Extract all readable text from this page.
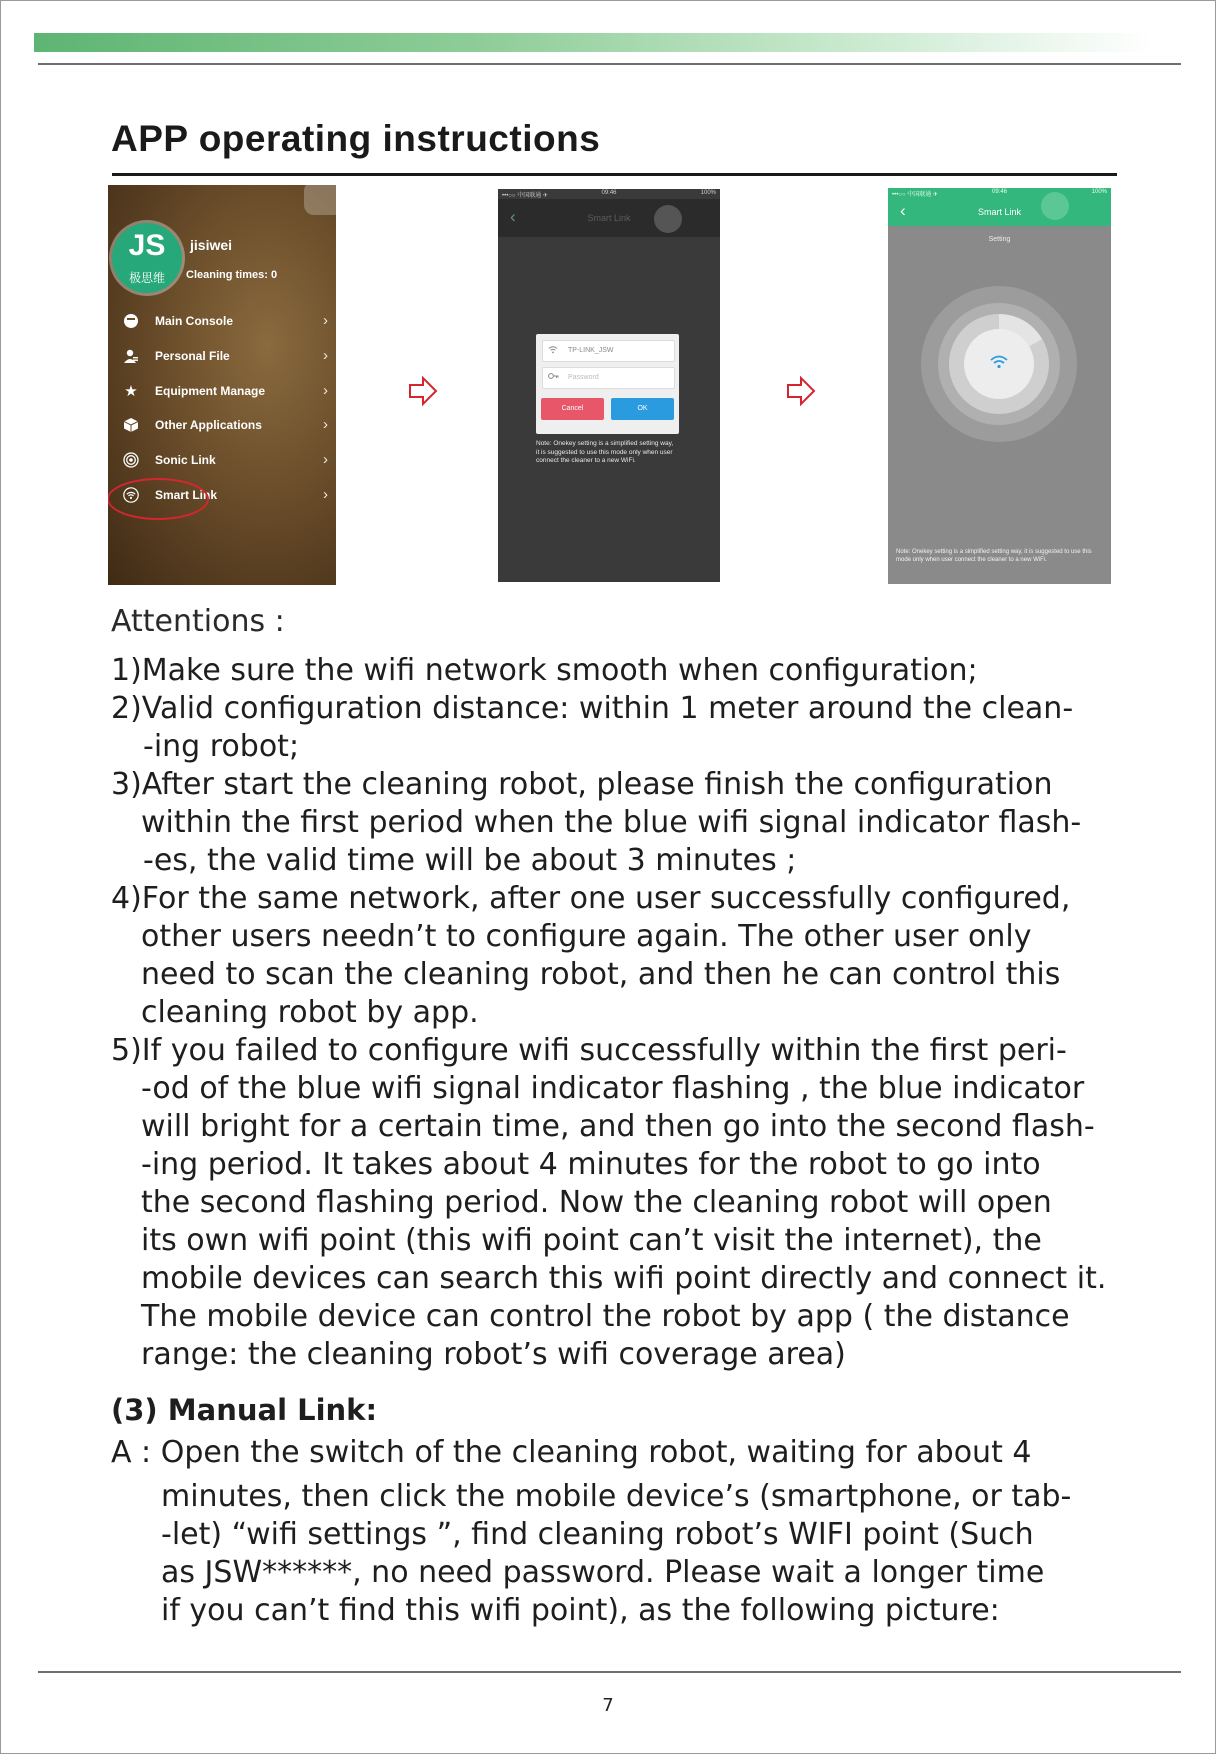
APP operating instructions
JS
极思维
jisiwei
Cleaning times: 0
Main Console	›
Personal File	›
★ Equipment Manage	›
Other Applications	›
Sonic Link	›
Smart Link	›
•••○○ 中国联通 ✈	09:46	100%
‹	Smart Link
TP-LINK_JSW
Password
Cancel	OK
Note: Onekey setting is a simplified setting way, it is suggested to use this mode only when user connect the cleaner to a new WiFi.
•••○○ 中国联通 ✈	09:46	100%
‹	Smart Link
Setting
Note: Onekey setting is a simplified setting way, it is suggested to use this mode only when user connect the cleaner to a new WiFi.
Attentions :
1)Make sure the wifi network smooth when configuration;
2)Valid configuration distance: within 1 meter around the clean-
-ing robot;
3)After start the cleaning robot, please finish the configuration
within the first period when the blue wifi signal indicator flash-
-es, the valid time will be about 3 minutes ;
4)For the same network, after one user successfully configured,
other users needn’t to configure again. The other user only
need to scan the cleaning robot, and then he can control this
cleaning robot by app.
5)If you failed to configure wifi successfully within the first peri-
-od of the blue wifi signal indicator flashing , the blue indicator
will bright for a certain time, and then go into the second flash-
-ing period. It takes about 4 minutes for the robot to go into
the second flashing period. Now the cleaning robot will open
its own wifi point (this wifi point can’t visit the internet), the
mobile devices can search this wifi point directly and connect it.
The mobile device can control the robot by app ( the distance
range: the cleaning robot’s wifi coverage area)
(3) Manual Link:
A : Open the switch of the cleaning robot, waiting for about 4
minutes, then click the mobile device’s (smartphone, or tab-
-let) “wifi settings ”, find cleaning robot’s WIFI point (Such
as JSW******, no need password. Please wait a longer time
if you can’t find this wifi point), as the following picture:
7
